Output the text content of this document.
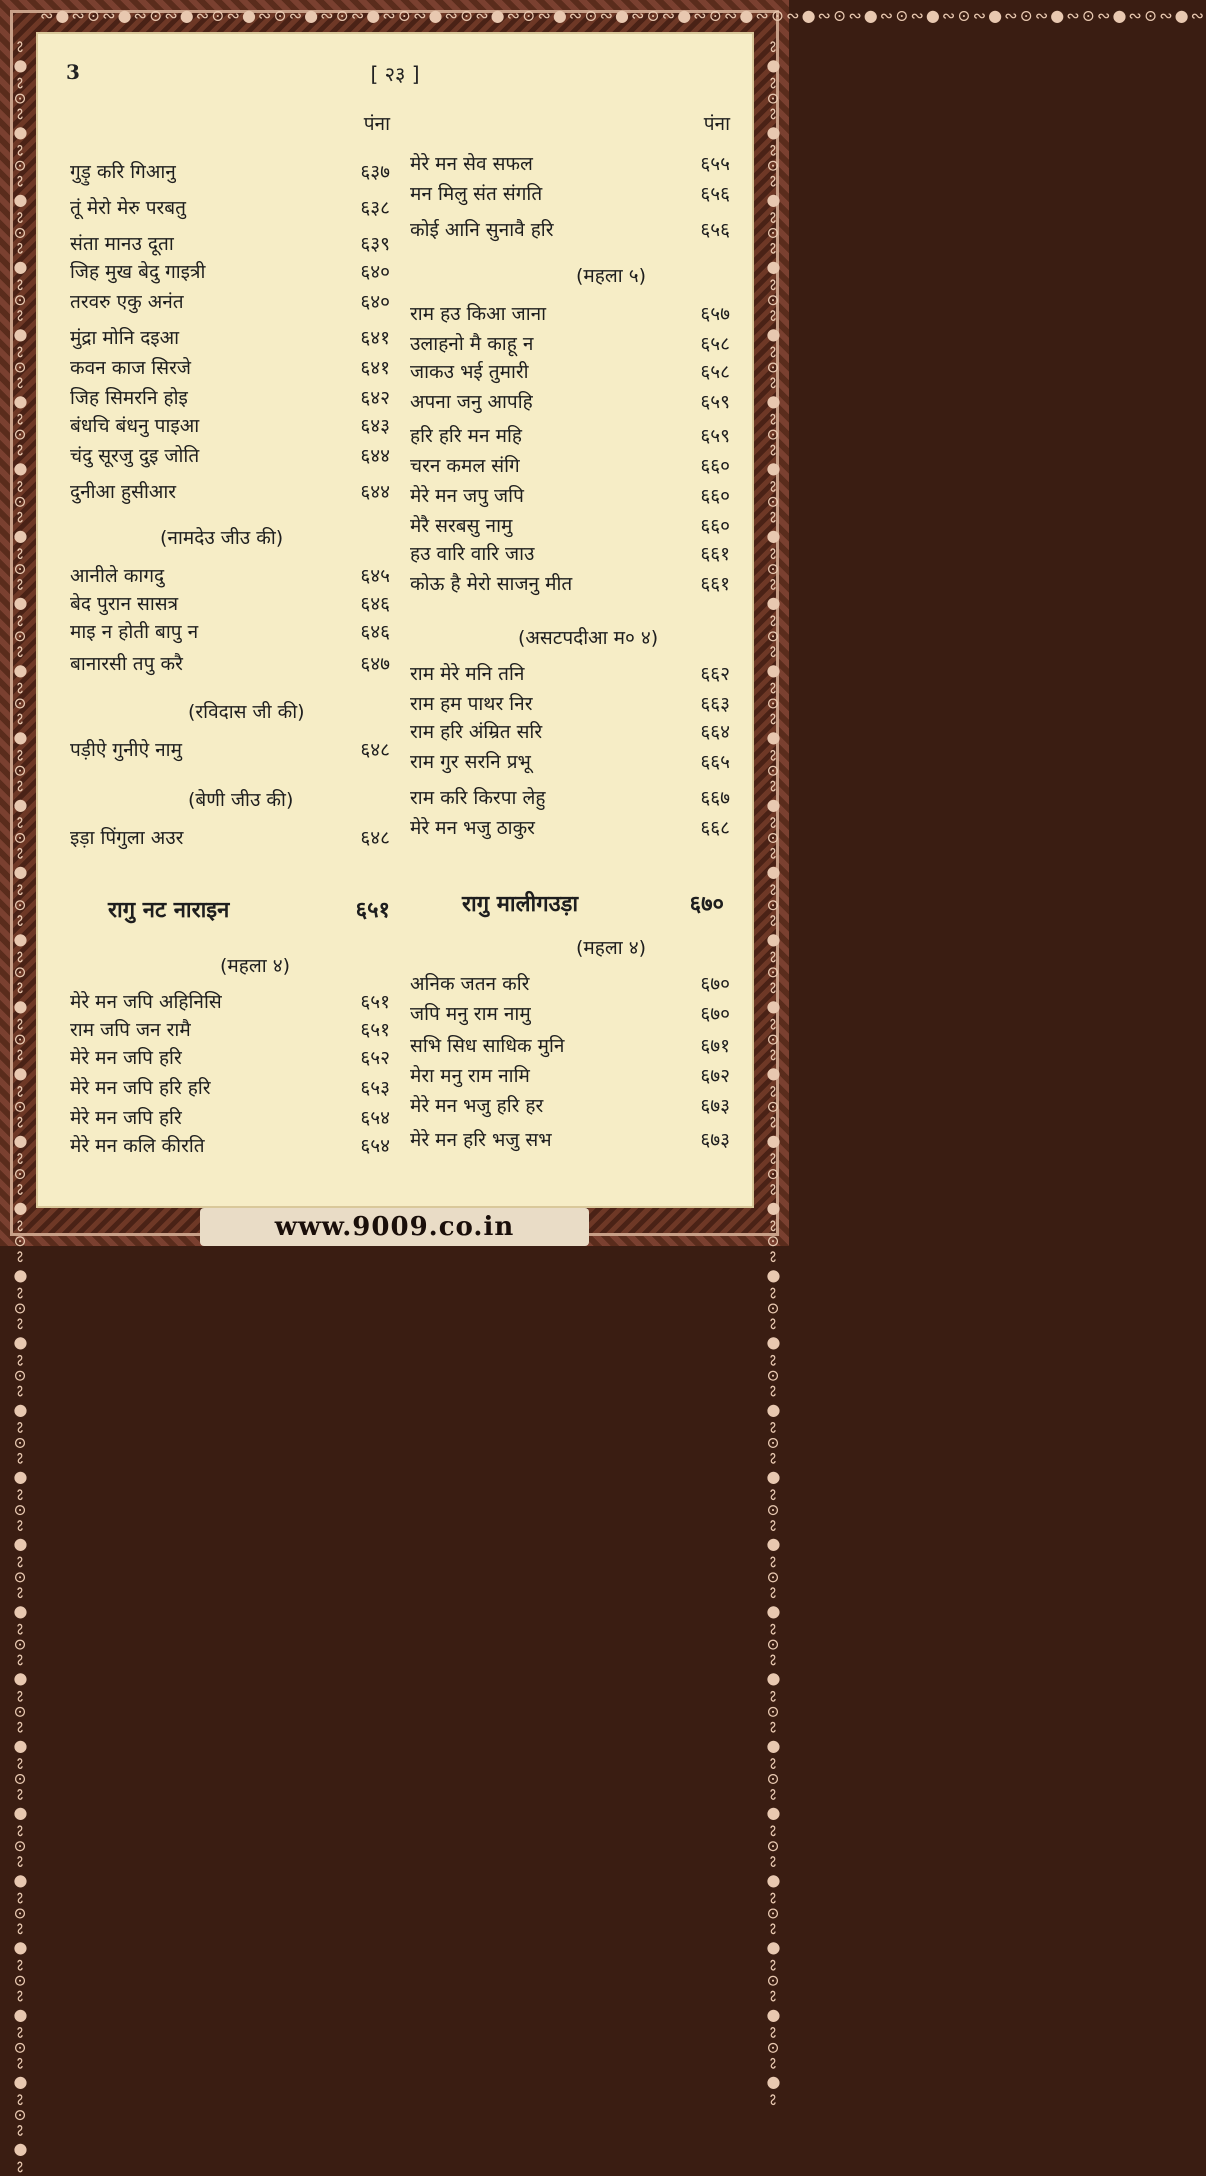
∾●∾⊙∾●∾⊙∾●∾⊙∾●∾⊙∾●∾⊙∾●∾⊙∾●∾⊙∾●∾⊙∾●∾⊙∾●∾⊙∾●∾⊙∾●∾⊙∾●∾⊙∾●∾⊙∾●∾⊙∾●∾⊙∾●∾⊙∾●∾⊙∾●∾
∾●∾⊙∾●∾⊙∾●∾⊙∾●∾⊙∾●∾⊙∾●∾⊙∾●∾⊙∾●∾⊙∾●∾⊙∾●∾⊙∾●∾⊙∾●∾⊙∾●∾⊙∾●∾⊙∾●∾⊙∾●∾⊙∾●∾⊙∾●∾⊙∾●∾⊙∾●∾⊙∾●∾⊙∾●∾⊙∾●∾⊙∾●∾⊙∾●∾⊙∾●∾⊙∾●∾⊙∾●∾⊙∾●∾⊙∾●∾⊙∾●∾⊙∾●∾	∾●∾⊙∾●∾⊙∾●∾⊙∾●∾⊙∾●∾⊙∾●∾⊙∾●∾⊙∾●∾⊙∾●∾⊙∾●∾⊙∾●∾⊙∾●∾⊙∾●∾⊙∾●∾⊙∾●∾⊙∾●∾⊙∾●∾⊙∾●∾⊙∾●∾⊙∾●∾⊙∾●∾⊙∾●∾⊙∾●∾⊙∾●∾⊙∾●∾⊙∾●∾⊙∾●∾⊙∾●∾⊙∾●∾⊙∾●∾⊙∾●∾
3	[ २३ ]
पंना
गुड़ु करि गिआनु	६३७
तूं मेरो मेरु परबतु	६३८
संता मानउ दूता	६३९
जिह मुख बेदु गाइत्री	६४०
तरवरु एकु अनंत	६४०
मुंद्रा मोनि दइआ	६४१
कवन काज सिरजे	६४१
जिह सिमरनि होइ	६४२
बंधचि बंधनु पाइआ	६४३
चंदु सूरजु दुइ जोति	६४४
दुनीआ हुसीआर	६४४
(नामदेउ जीउ की)
आनीले कागदु	६४५
बेद पुरान सासत्र	६४६
माइ न होती बापु न	६४६
बानारसी तपु करै	६४७
(रविदास जी की)
पड़ीऐ गुनीऐ नामु	६४८
(बेणी जीउ की)
इड़ा पिंगुला अउर	६४८
रागु नट नाराइन	६५१
(महला ४)
मेरे मन जपि अहिनिसि	६५१
राम जपि जन रामै	६५१
मेरे मन जपि हरि	६५२
मेरे मन जपि हरि हरि	६५३
मेरे मन जपि हरि	६५४
मेरे मन कलि कीरति	६५४
पंना
मेरे मन सेव सफल	६५५
मन मिलु संत संगति	६५६
कोई आनि सुनावै हरि	६५६
(महला ५)
राम हउ किआ जाना	६५७
उलाहनो मै काहू न	६५८
जाकउ भई तुमारी	६५८
अपना जनु आपहि	६५९
हरि हरि मन महि	६५९
चरन कमल संगि	६६०
मेरे मन जपु जपि	६६०
मेरै सरबसु नामु	६६०
हउ वारि वारि जाउ	६६१
कोऊ है मेरो साजनु मीत	६६१
(असटपदीआ म० ४)
राम मेरे मनि तनि	६६२
राम हम पाथर निर	६६३
राम हरि अंम्रित सरि	६६४
राम गुर सरनि प्रभू	६६५
राम करि किरपा लेहु	६६७
मेरे मन भजु ठाकुर	६६८
रागु मालीगउड़ा	६७०
(महला ४)
अनिक जतन करि	६७०
जपि मनु राम नामु	६७०
सभि सिध साधिक मुनि	६७१
मेरा मनु राम नामि	६७२
मेरे मन भजु हरि हर	६७३
मेरे मन हरि भजु सभ	६७३
www.9009.co.in
